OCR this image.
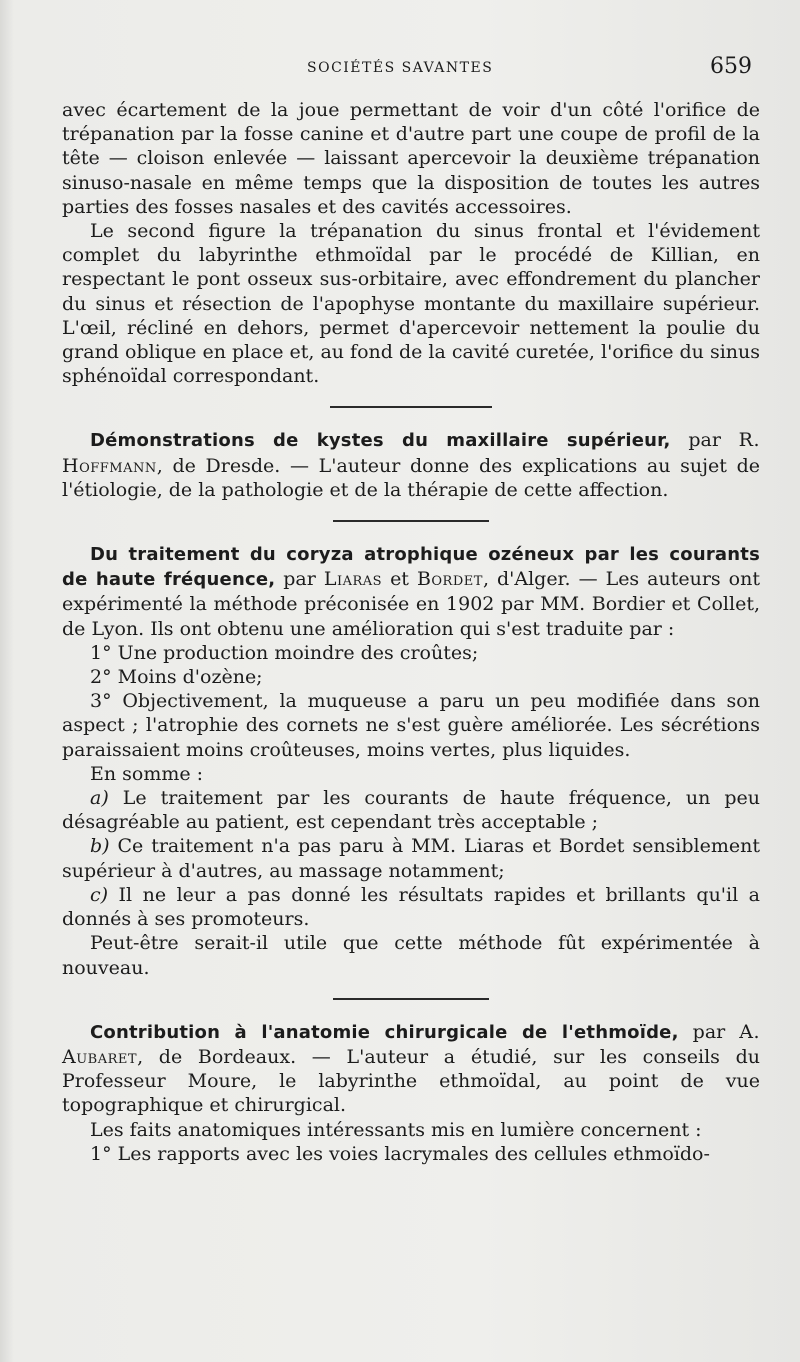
SOCIÉTÉS SAVANTES	659

avec écartement de la joue permettant de voir d'un côté l'orifice de trépanation par la fosse canine et d'autre part une coupe de profil de la tête — cloison enlevée — laissant apercevoir la deuxième trépanation sinuso-nasale en même temps que la disposition de toutes les autres parties des fosses nasales et des cavités accessoires.

Le second figure la trépanation du sinus frontal et l'évidement complet du labyrinthe ethmoïdal par le procédé de Killian, en respectant le pont osseux sus-orbitaire, avec effondrement du plancher du sinus et résection de l'apophyse montante du maxillaire supérieur. L'œil, récliné en dehors, permet d'apercevoir nettement la poulie du grand oblique en place et, au fond de la cavité curetée, l'orifice du sinus sphénoïdal correspondant.

Démonstrations de kystes du maxillaire supérieur, par R. Hoffmann, de Dresde. — L'auteur donne des explications au sujet de l'étiologie, de la pathologie et de la thérapie de cette affection.

Du traitement du coryza atrophique ozéneux par les courants de haute fréquence, par Liaras et Bordet, d'Alger. — Les auteurs ont expérimenté la méthode préconisée en 1902 par MM. Bordier et Collet, de Lyon. Ils ont obtenu une amélioration qui s'est traduite par :

1° Une production moindre des croûtes;

2° Moins d'ozène;

3° Objectivement, la muqueuse a paru un peu modifiée dans son aspect ; l'atrophie des cornets ne s'est guère améliorée. Les sécrétions paraissaient moins croûteuses, moins vertes, plus liquides.

En somme :

a) Le traitement par les courants de haute fréquence, un peu désagréable au patient, est cependant très acceptable ;

b) Ce traitement n'a pas paru à MM. Liaras et Bordet sensiblement supérieur à d'autres, au massage notamment;

c) Il ne leur a pas donné les résultats rapides et brillants qu'il a donnés à ses promoteurs.

Peut-être serait-il utile que cette méthode fût expérimentée à nouveau.

Contribution à l'anatomie chirurgicale de l'ethmoïde, par A. Aubaret, de Bordeaux. — L'auteur a étudié, sur les conseils du Professeur Moure, le labyrinthe ethmoïdal, au point de vue topographique et chirurgical.

Les faits anatomiques intéressants mis en lumière concernent :

1° Les rapports avec les voies lacrymales des cellules ethmoïdo-
